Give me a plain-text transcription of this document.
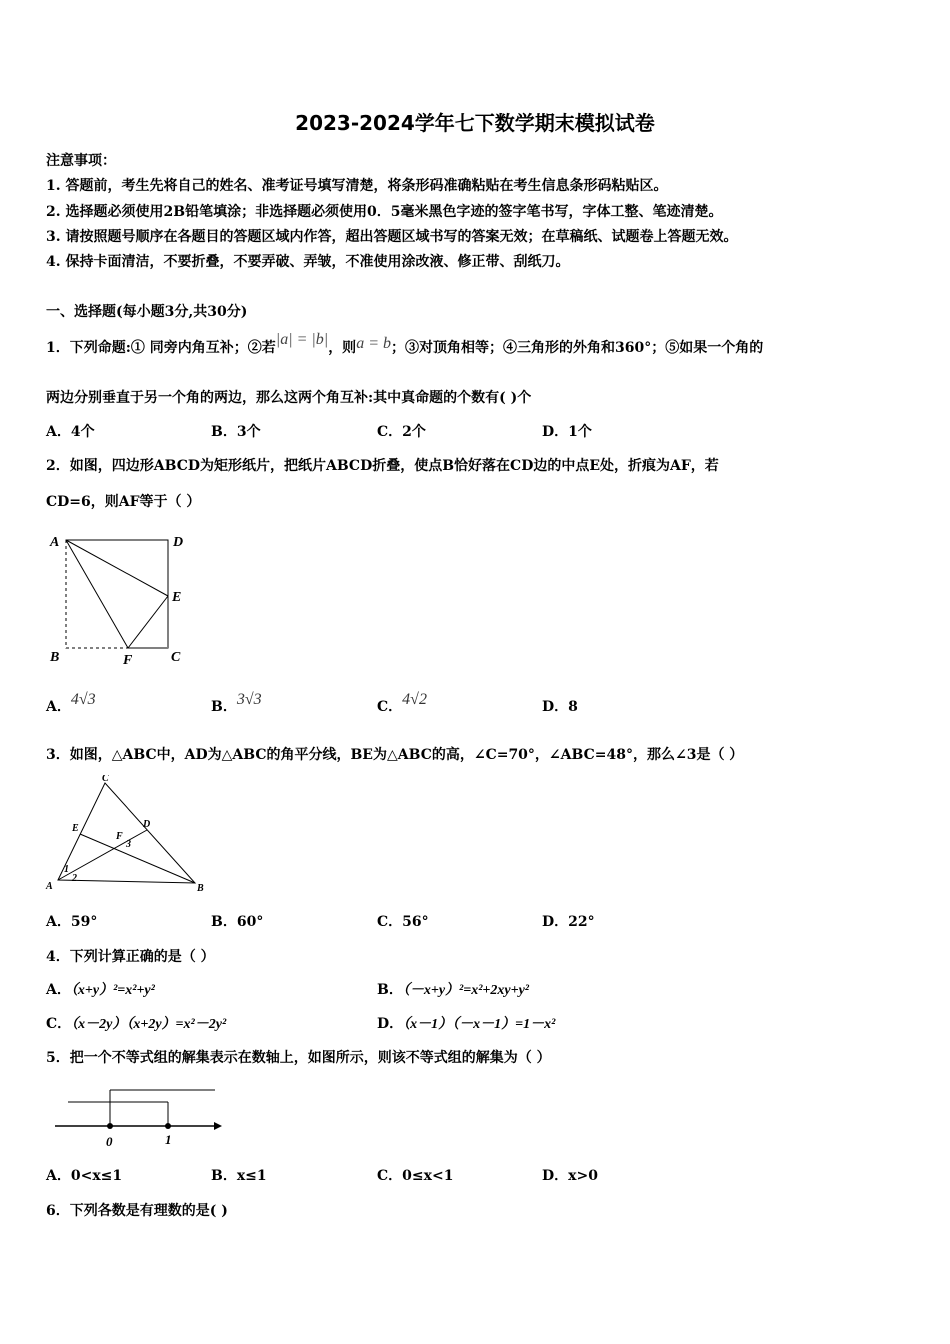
2023-2024学年七下数学期末模拟试卷
注意事项：
1. 答题前，考生先将自己的姓名、准考证号填写清楚，将条形码准确粘贴在考生信息条形码粘贴区。
2. 选择题必须使用2B铅笔填涂；非选择题必须使用0．5毫米黑色字迹的签字笔书写，字体工整、笔迹清楚。
3. 请按照题号顺序在各题目的答题区域内作答，超出答题区域书写的答案无效；在草稿纸、试题卷上答题无效。
4. 保持卡面清洁，不要折叠，不要弄破、弄皱，不准使用涂改液、修正带、刮纸刀。
一、选择题(每小题3分,共30分)
1．下列命题:① 同旁内角互补；②若|a| = |b|，则a = b；③对顶角相等；④三角形的外角和360°；⑤如果一个角的
两边分别垂直于另一个角的两边，那么这两个角互补:其中真命题的个数有( )个
A．4个	B．3个	C．2个	D．1个
2．如图，四边形ABCD为矩形纸片，把纸片ABCD折叠，使点B恰好落在CD边的中点E处，折痕为AF，若
CD=6，则AF等于（ ）
A	D
E
B	F	C
A．4√3	B．3√3	C．4√2	D．8
3．如图，△ABC中，AD为△ABC的角平分线，BE为△ABC的高，∠C=70°，∠ABC=48°，那么∠3是（ ）
C
E	D
F
3
1
2
A	B
A．59°	B．60°	C．56°	D．22°
4．下列计算正确的是（ ）
A．（x+y）²=x²+y²	B．（－x+y）²=x²+2xy+y²
C．（x－2y）（x+2y）=x²－2y²	D．（x－1）（－x－1）=1－x²
5．把一个不等式组的解集表示在数轴上，如图所示，则该不等式组的解集为（ ）
0	1
A．0<x≤1	B．x≤1	C．0≤x<1	D．x>0
6．下列各数是有理数的是( )
